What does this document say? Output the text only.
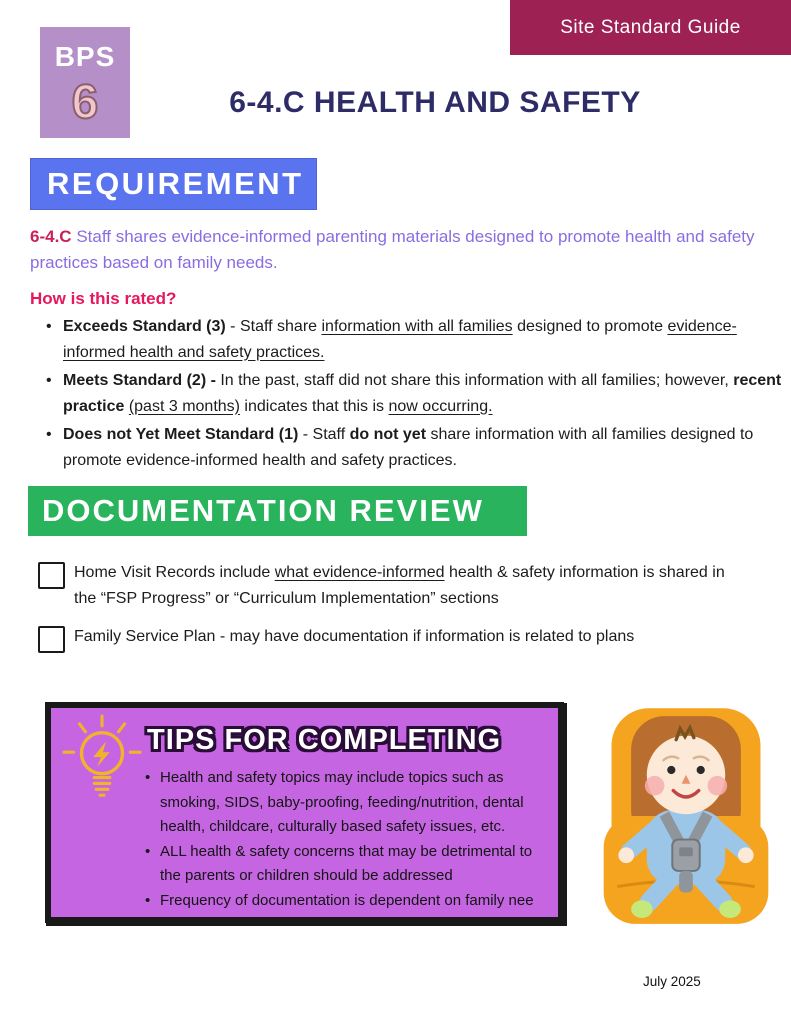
BPS
6
Site Standard Guide
6-4.C HEALTH AND SAFETY
REQUIREMENT
6-4.C Staff shares evidence-informed parenting materials designed to promote health and safety practices based on family needs.
How is this rated?
• Exceeds Standard (3) - Staff share information with all families designed to promote evidence-informed health and safety practices.
• Meets Standard (2) - In the past, staff did not share this information with all families; however, recent practice (past 3 months) indicates that this is now occurring.
• Does not Yet Meet Standard (1) - Staff do not yet share information with all families designed to promote evidence-informed health and safety practices.
DOCUMENTATION REVIEW
Home Visit Records include what evidence-informed health & safety information is shared in the “FSP Progress” or “Curriculum Implementation” sections
Family Service Plan - may have documentation if information is related to plans
TIPS FOR COMPLETING
• Health and safety topics may include topics such as smoking, SIDS, baby-proofing, feeding/nutrition, dental health, childcare, culturally based safety issues, etc.
• ALL health & safety concerns that may be detrimental to the parents or children should be addressed
• Frequency of documentation is dependent on family nee
July 2025
